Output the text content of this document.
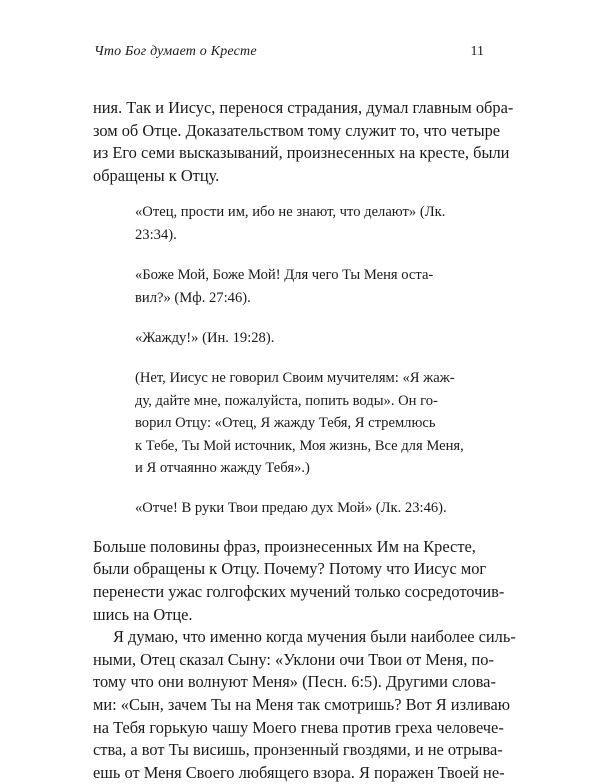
Что Бог думает о Кресте	11

ния. Так и Иисус, перенося страдания, думал главным обра-
зом об Отце. Доказательством тому служит то, что четыре
из Его семи высказываний, произнесенных на кресте, были
обращены к Отцу.

«Отец, прости им, ибо не знают, что делают» (Лк.
23:34).

«Боже Мой, Боже Мой! Для чего Ты Меня оста-
вил?» (Мф. 27:46).

«Жажду!» (Ин. 19:28).

(Нет, Иисус не говорил Своим мучителям: «Я жаж-
ду, дайте мне, пожалуйста, попить воды». Он го-
ворил Отцу: «Отец, Я жажду Тебя, Я стремлюсь
к Тебе, Ты Мой источник, Моя жизнь, Все для Меня,
и Я отчаянно жажду Тебя».)

«Отче! В руки Твои предаю дух Мой» (Лк. 23:46).

Больше половины фраз, произнесенных Им на Кресте,
были обращены к Отцу. Почему? Потому что Иисус мог
перенести ужас голгофских мучений только сосредоточив-
шись на Отце.

Я думаю, что именно когда мучения были наиболее силь-
ными, Отец сказал Сыну: «Уклони очи Твои от Меня, по-
тому что они волнуют Меня» (Песн. 6:5). Другими слова-
ми: «Сын, зачем Ты на Меня так смотришь? Вот Я изливаю
на Тебя горькую чашу Моего гнева против греха человече-
ства, а вот Ты висишь, пронзенный гвоздями, и не отрыва-
ешь от Меня Своего любящего взора. Я поражен Твоей не-
